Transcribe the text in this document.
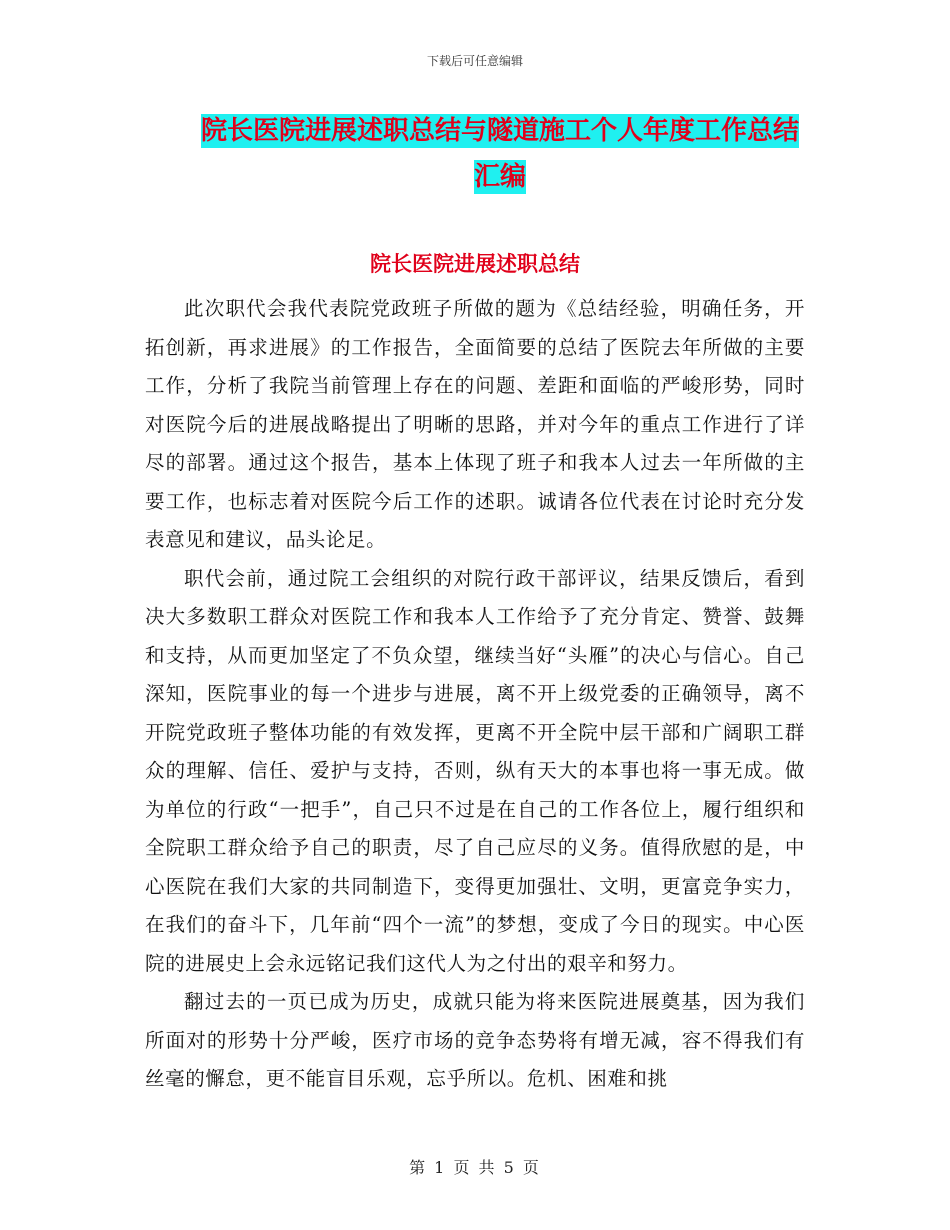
下载后可任意编辑
院长医院进展述职总结与隧道施工个人年度工作总结
汇编
院长医院进展述职总结

此次职代会我代表院党政班子所做的题为《总结经验，明确任务，开拓创新，再求进展》的工作报告，全面简要的总结了医院去年所做的主要工作，分析了我院当前管理上存在的问题、差距和面临的严峻形势，同时对医院今后的进展战略提出了明晰的思路，并对今年的重点工作进行了详尽的部署。通过这个报告，基本上体现了班子和我本人过去一年所做的主要工作，也标志着对医院今后工作的述职。诚请各位代表在讨论时充分发表意见和建议，品头论足。

职代会前，通过院工会组织的对院行政干部评议，结果反馈后，看到决大多数职工群众对医院工作和我本人工作给予了充分肯定、赞誉、鼓舞和支持，从而更加坚定了不负众望，继续当好“头雁”的决心与信心。自己深知，医院事业的每一个进步与进展，离不开上级党委的正确领导，离不开院党政班子整体功能的有效发挥，更离不开全院中层干部和广阔职工群众的理解、信任、爱护与支持，否则，纵有天大的本事也将一事无成。做为单位的行政“一把手”，自己只不过是在自己的工作各位上，履行组织和全院职工群众给予自己的职责，尽了自己应尽的义务。值得欣慰的是，中心医院在我们大家的共同制造下，变得更加强壮、文明，更富竞争实力，在我们的奋斗下，几年前“四个一流”的梦想，变成了今日的现实。中心医院的进展史上会永远铭记我们这代人为之付出的艰辛和努力。

翻过去的一页已成为历史，成就只能为将来医院进展奠基，因为我们所面对的形势十分严峻，医疗市场的竞争态势将有增无减，容不得我们有丝毫的懈怠，更不能盲目乐观，忘乎所以。危机、困难和挑

第 1 页 共 5 页
